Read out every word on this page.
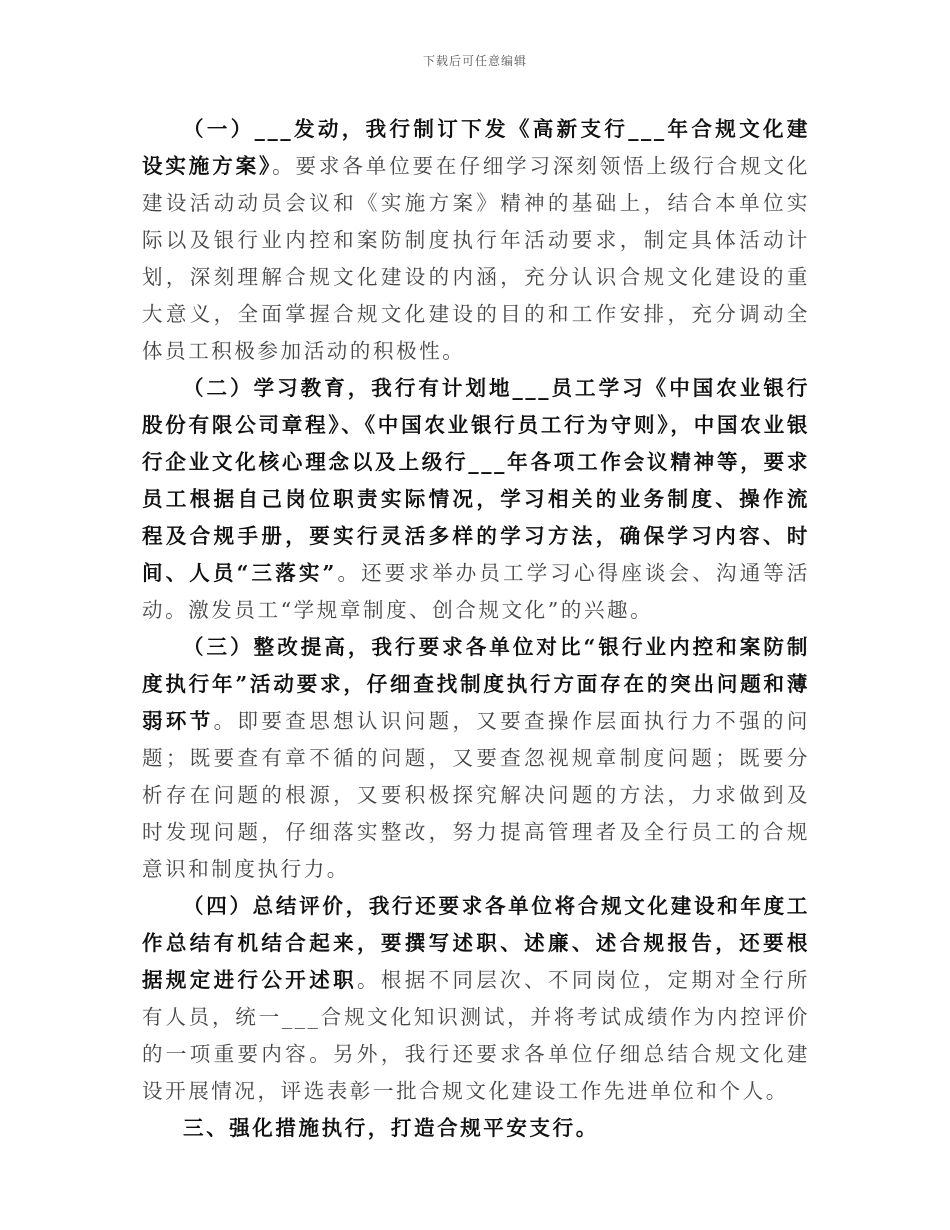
下载后可任意编辑

（一）___发动，我行制订下发《高新支行___年合规文化建设实施方案》。要求各单位要在仔细学习深刻领悟上级行合规文化建设活动动员会议和《实施方案》精神的基础上，结合本单位实际以及银行业内控和案防制度执行年活动要求，制定具体活动计划，深刻理解合规文化建设的内涵，充分认识合规文化建设的重大意义，全面掌握合规文化建设的目的和工作安排，充分调动全体员工积极参加活动的积极性。

（二）学习教育，我行有计划地___员工学习《中国农业银行股份有限公司章程》、《中国农业银行员工行为守则》，中国农业银行企业文化核心理念以及上级行___年各项工作会议精神等，要求员工根据自己岗位职责实际情况，学习相关的业务制度、操作流程及合规手册，要实行灵活多样的学习方法，确保学习内容、时间、人员“三落实”。还要求举办员工学习心得座谈会、沟通等活动。激发员工“学规章制度、创合规文化”的兴趣。

（三）整改提高，我行要求各单位对比“银行业内控和案防制度执行年”活动要求，仔细查找制度执行方面存在的突出问题和薄弱环节。即要查思想认识问题，又要查操作层面执行力不强的问题；既要查有章不循的问题，又要查忽视规章制度问题；既要分析存在问题的根源，又要积极探究解决问题的方法，力求做到及时发现问题，仔细落实整改，努力提高管理者及全行员工的合规意识和制度执行力。

（四）总结评价，我行还要求各单位将合规文化建设和年度工作总结有机结合起来，要撰写述职、述廉、述合规报告，还要根据规定进行公开述职。根据不同层次、不同岗位，定期对全行所有人员，统一___合规文化知识测试，并将考试成绩作为内控评价的一项重要内容。另外，我行还要求各单位仔细总结合规文化建设开展情况，评选表彰一批合规文化建设工作先进单位和个人。

三、强化措施执行，打造合规平安支行。
